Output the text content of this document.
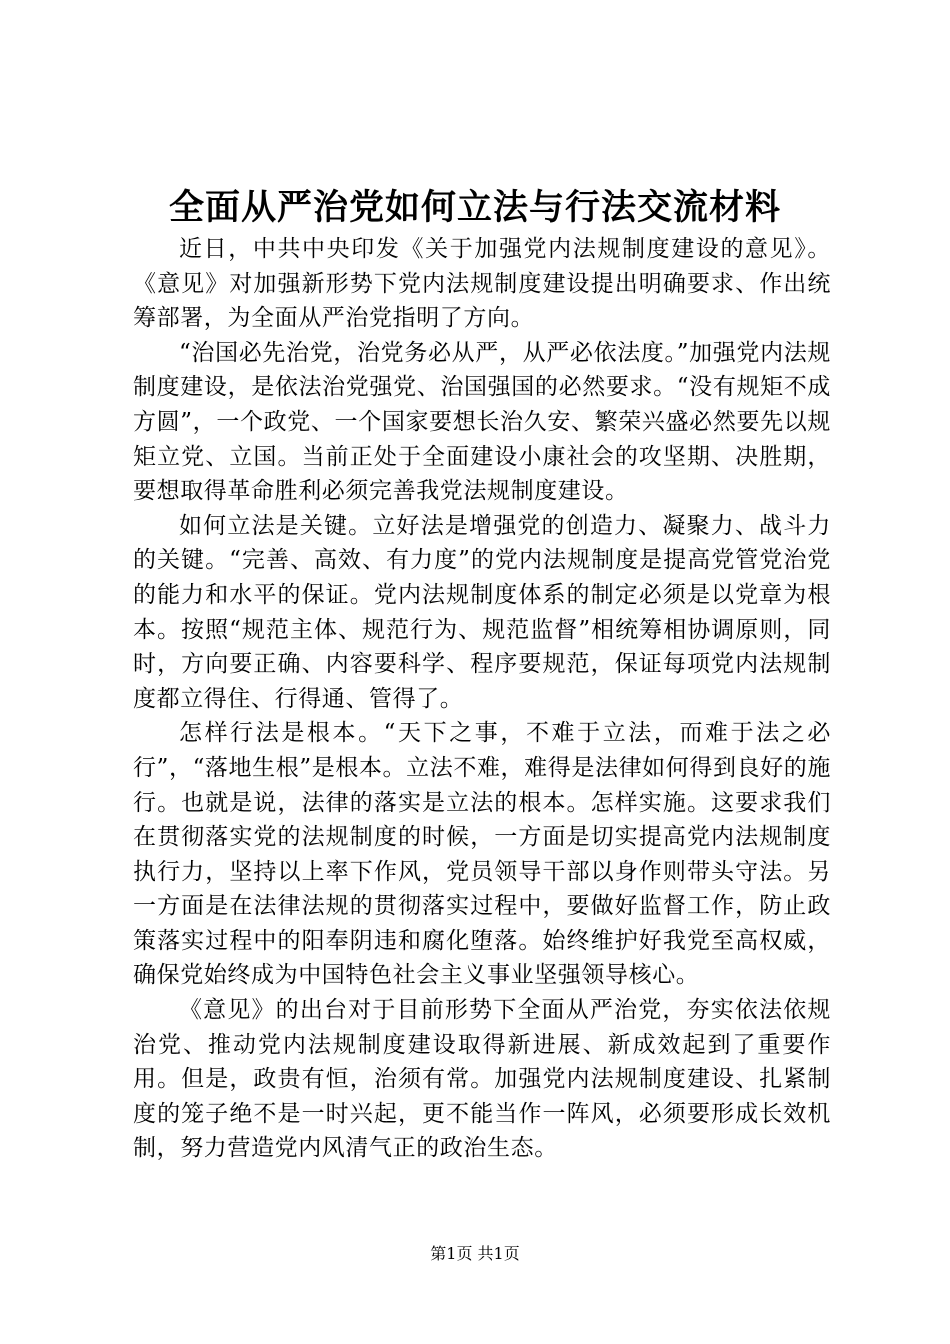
全面从严治党如何立法与行法交流材料

近日，中共中央印发《关于加强党内法规制度建设的意见》。《意见》对加强新形势下党内法规制度建设提出明确要求、作出统筹部署，为全面从严治党指明了方向。

“治国必先治党，治党务必从严，从严必依法度。”加强党内法规制度建设，是依法治党强党、治国强国的必然要求。“没有规矩不成方圆”，一个政党、一个国家要想长治久安、繁荣兴盛必然要先以规矩立党、立国。当前正处于全面建设小康社会的攻坚期、决胜期，要想取得革命胜利必须完善我党法规制度建设。

如何立法是关键。立好法是增强党的创造力、凝聚力、战斗力的关键。“完善、高效、有力度”的党内法规制度是提高党管党治党的能力和水平的保证。党内法规制度体系的制定必须是以党章为根本。按照“规范主体、规范行为、规范监督”相统筹相协调原则，同时，方向要正确、内容要科学、程序要规范，保证每项党内法规制度都立得住、行得通、管得了。

怎样行法是根本。“天下之事，不难于立法，而难于法之必行”，“落地生根”是根本。立法不难，难得是法律如何得到良好的施行。也就是说，法律的落实是立法的根本。怎样实施。这要求我们在贯彻落实党的法规制度的时候，一方面是切实提高党内法规制度执行力，坚持以上率下作风，党员领导干部以身作则带头守法。另一方面是在法律法规的贯彻落实过程中，要做好监督工作，防止政策落实过程中的阳奉阴违和腐化堕落。始终维护好我党至高权威，确保党始终成为中国特色社会主义事业坚强领导核心。

《意见》的出台对于目前形势下全面从严治党，夯实依法依规治党、推动党内法规制度建设取得新进展、新成效起到了重要作用。但是，政贵有恒，治须有常。加强党内法规制度建设、扎紧制度的笼子绝不是一时兴起，更不能当作一阵风，必须要形成长效机制，努力营造党内风清气正的政治生态。

第1页 共1页
